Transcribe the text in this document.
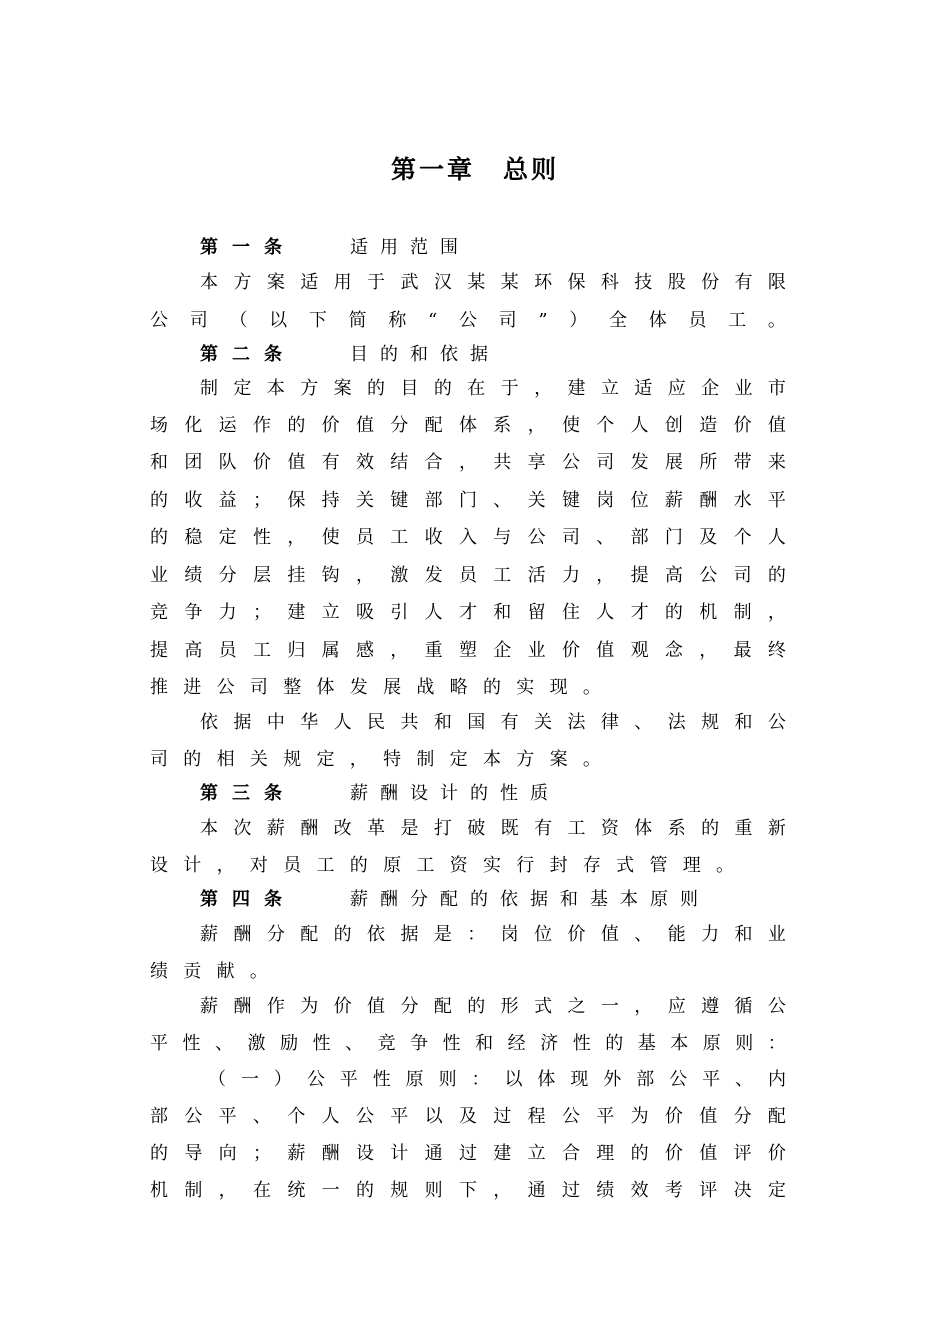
第一章　总则
第一条	适用范围
本 方 案 适 用 于 武 汉 某 某 环 保 科 技 股 份 有 限
公 司 （ 以 下 简 称 “ 公 司 ” ） 全 体 员 工 。
第二条	目的和依据
制 定 本 方 案 的 目 的 在 于 ， 建 立 适 应 企 业 市
场 化 运 作 的 价 值 分 配 体 系 ， 使 个 人 创 造 价 值
和 团 队 价 值 有 效 结 合 ， 共 享 公 司 发 展 所 带 来
的 收 益 ； 保 持 关 键 部 门 、 关 键 岗 位 薪 酬 水 平
的 稳 定 性 ， 使 员 工 收 入 与 公 司 、 部 门 及 个 人
业 绩 分 层 挂 钩 ， 激 发 员 工 活 力 ， 提 高 公 司 的
竞 争 力 ； 建 立 吸 引 人 才 和 留 住 人 才 的 机 制 ，
提 高 员 工 归 属 感 ， 重 塑 企 业 价 值 观 念 ， 最 终
推 进 公 司 整 体 发 展 战 略 的 实 现 。
依 据 中 华 人 民 共 和 国 有 关 法 律 、 法 规 和 公
司 的 相 关 规 定 ， 特 制 定 本 方 案 。
第三条	薪酬设计的性质
本 次 薪 酬 改 革 是 打 破 既 有 工 资 体 系 的 重 新
设 计 ， 对 员 工 的 原 工 资 实 行 封 存 式 管 理 。
第四条	薪酬分配的依据和基本原则
薪 酬 分 配 的 依 据 是 ： 岗 位 价 值 、 能 力 和 业
绩 贡 献 。
薪 酬 作 为 价 值 分 配 的 形 式 之 一 ， 应 遵 循 公
平 性 、 激 励 性 、 竞 争 性 和 经 济 性 的 基 本 原 则 ：
（ 一 ） 公 平 性 原 则 ： 以 体 现 外 部 公 平 、 内
部 公 平 、 个 人 公 平 以 及 过 程 公 平 为 价 值 分 配
的 导 向 ； 薪 酬 设 计 通 过 建 立 合 理 的 价 值 评 价
机 制 ， 在 统 一 的 规 则 下 ， 通 过 绩 效 考 评 决 定
